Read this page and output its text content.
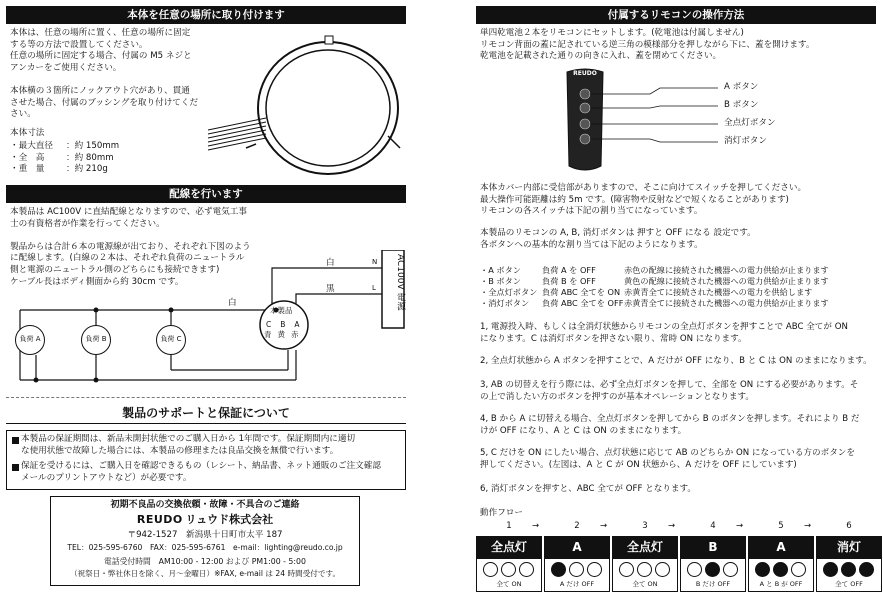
本体を任意の場所に取り付けます
本体は、任意の場所に置く、任意の場所に固定
する等の方法で設置してください。
任意の場所に固定する場合、付属の M5 ネジと
アンカーをご使用ください。

本体横の３箇所にノックアウト穴があり、貫通
させた場合、付属のブッシングを取り付けてくだ
さい。
本体寸法
・最大直径	：約 150mm
・全　高	：約 80mm
・重　量	：約 210g
配線を行います
本製品は AC100V に直結配線となりますので、必ず電気工事
士の有資格者が作業を行ってください。

製品からは合計６本の電源線が出ており、それぞれ下図のよう
に配線します。(白線の２本は、それぞれ負荷のニュートラル
側と電源のニュートラル側のどちらにも接続できます)
ケーブル長はボディ側面から約 30cm です。	AC100V 電源
白
黒
白
N
L
本製品
C B A
青 黄 赤
負荷 A	負荷 B	負荷 C
製品のサポートと保証について
本製品の保証期間は、新品未開封状態でのご購入日から 1年間です。保証期間内に適切
な使用状態で故障した場合には、本製品の修理または良品交換を無償で行います。
保証を受けるには、ご購入日を確認できるもの（レシート、納品書、ネット通販のご注文確認
メールのプリントアウトなど）が必要です。
初期不良品の交換依頼・故障・不具合のご連絡
REUDO リュウド株式会社
〒942-1527　新潟県十日町市太平 187
TEL：025-595-6760　FAX：025-595-6761　e-mail：lighting@reudo.co.jp
電話受付時間　AM10:00 - 12:00 および PM1:00 - 5:00
（祝祭日・弊社休日を除く、月〜金曜日）※FAX, e-mail は 24 時間受付です。
付属するリモコンの操作方法
単四乾電池２本をリモコンにセットします。(乾電池は付属しません)
リモコン背面の蓋に記されている逆三角の模様部分を押しながら下に、蓋を開けます。
乾電池を記載された通りの向きに入れ、蓋を閉めてください。
REUDO
A ボタン
B ボタン
全点灯ボタン
消灯ボタン
本体カバー内部に受信部がありますので、そこに向けてスイッチを押してください。
最大操作可能距離は約 5m です。(障害物や反射などで短くなることがあります)
リモコンの各スイッチは下記の割り当てになっています。
本製品のリモコンの A, B, 消灯ボタンは 押すと OFF になる 設定です。
各ボタンへの基本的な割り当ては下記のようになります。
・A ボタン	負荷 A を OFF	赤色の配線に接続された機器への電力供給が止まります
・B ボタン	負荷 B を OFF	黄色の配線に接続された機器への電力供給が止まります
・全点灯ボタン 負荷 ABC 全てを ON 赤黄青全てに接続された機器への電力を供給します
・消灯ボタン	負荷 ABC 全てを OFF 赤黄青全てに接続された機器への電力供給が止まります
1, 電源投入時、もしくは全消灯状態からリモコンの全点灯ボタンを押すことで ABC 全てが ON
になります。C は消灯ボタンを押さない限り、常時 ON になります。
2, 全点灯状態から A ボタンを押すことで、A だけが OFF になり、B と C は ON のままになります。
3, AB の切替えを行う際には、必ず全点灯ボタンを押して、全部を ON にする必要があります。そ
の上で消したい方のボタンを押すのが基本オペレーションとなります。
4, B から A に切替える場合、全点灯ボタンを押してから B のボタンを押します。それにより B だ
けが OFF になり、A と C は ON のままになります。
5, C だけを ON にしたい場合、点灯状態に応じて AB のどちらか ON になっている方のボタンを
押してください。(左図は、A と C が ON 状態から、A だけを OFF にしています)
6, 消灯ボタンを押すと、ABC 全てが OFF となります。
動作フロー
1	→
全点灯
全て ON
2	→
A
A だけ OFF
3	→
全点灯
全て ON
4	→
B
B だけ OFF
5	→
A
A と B が OFF
6
消灯
全て OFF
